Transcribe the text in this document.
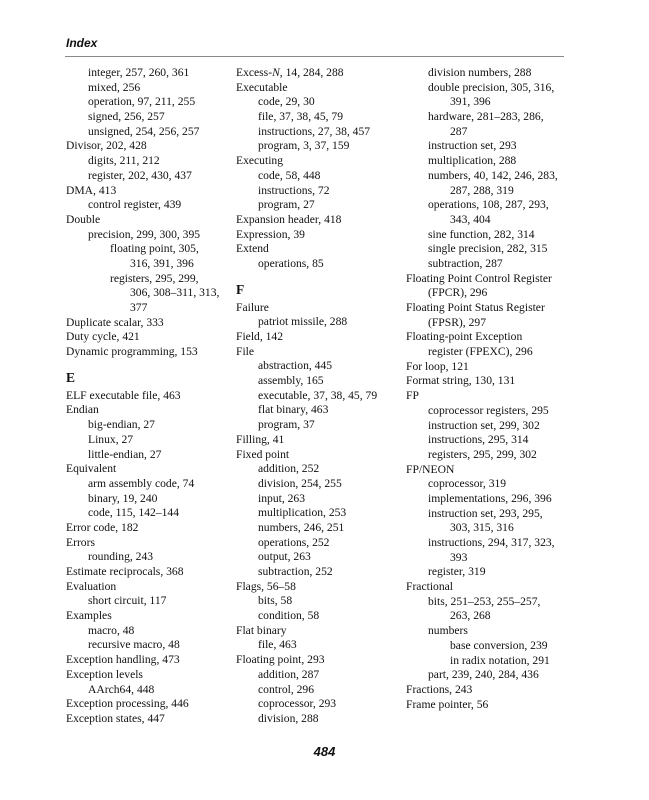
Index
integer, 257, 260, 361
mixed, 256
operation, 97, 211, 255
signed, 256, 257
unsigned, 254, 256, 257
Divisor, 202, 428
digits, 211, 212
register, 202, 430, 437
DMA, 413
control register, 439
Double
precision, 299, 300, 395
floating point, 305,
316, 391, 396
registers, 295, 299,
306, 308–311, 313,
377
Duplicate scalar, 333
Duty cycle, 421
Dynamic programming, 153
E
ELF executable file, 463
Endian
big-endian, 27
Linux, 27
little-endian, 27
Equivalent
arm assembly code, 74
binary, 19, 240
code, 115, 142–144
Error code, 182
Errors
rounding, 243
Estimate reciprocals, 368
Evaluation
short circuit, 117
Examples
macro, 48
recursive macro, 48
Exception handling, 473
Exception levels
AArch64, 448
Exception processing, 446
Exception states, 447
Excess-N, 14, 284, 288
Executable
code, 29, 30
file, 37, 38, 45, 79
instructions, 27, 38, 457
program, 3, 37, 159
Executing
code, 58, 448
instructions, 72
program, 27
Expansion header, 418
Expression, 39
Extend
operations, 85
F
Failure
patriot missile, 288
Field, 142
File
abstraction, 445
assembly, 165
executable, 37, 38, 45, 79
flat binary, 463
program, 37
Filling, 41
Fixed point
addition, 252
division, 254, 255
input, 263
multiplication, 253
numbers, 246, 251
operations, 252
output, 263
subtraction, 252
Flags, 56–58
bits, 58
condition, 58
Flat binary
file, 463
Floating point, 293
addition, 287
control, 296
coprocessor, 293
division, 288
division numbers, 288
double precision, 305, 316,
391, 396
hardware, 281–283, 286,
287
instruction set, 293
multiplication, 288
numbers, 40, 142, 246, 283,
287, 288, 319
operations, 108, 287, 293,
343, 404
sine function, 282, 314
single precision, 282, 315
subtraction, 287
Floating Point Control Register
(FPCR), 296
Floating Point Status Register
(FPSR), 297
Floating-point Exception
register (FPEXC), 296
For loop, 121
Format string, 130, 131
FP
coprocessor registers, 295
instruction set, 299, 302
instructions, 295, 314
registers, 295, 299, 302
FP/NEON
coprocessor, 319
implementations, 296, 396
instruction set, 293, 295,
303, 315, 316
instructions, 294, 317, 323,
393
register, 319
Fractional
bits, 251–253, 255–257,
263, 268
numbers
base conversion, 239
in radix notation, 291
part, 239, 240, 284, 436
Fractions, 243
Frame pointer, 56
484
